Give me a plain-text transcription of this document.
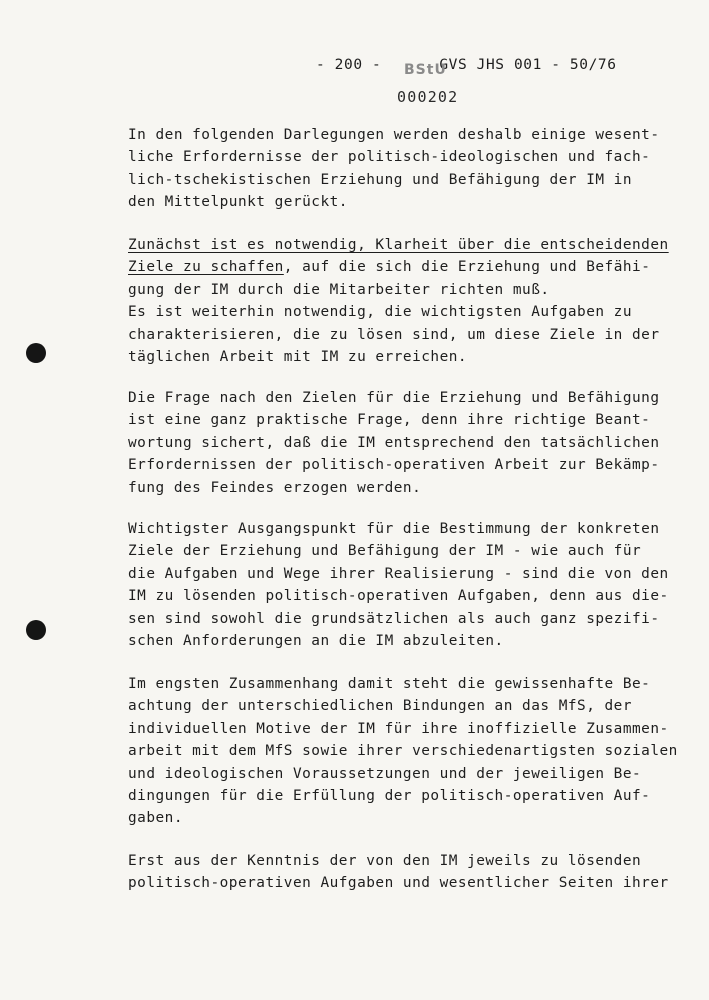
- 200 -	GVS JHS 001 - 50/76
BStU
000202
In den folgenden Darlegungen werden deshalb einige wesent-
liche Erfordernisse der politisch-ideologischen und fach-
lich-tschekistischen Erziehung und Befähigung der IM in
den Mittelpunkt gerückt.
Zunächst ist es notwendig, Klarheit über die entscheidenden
Ziele zu schaffen, auf die sich die Erziehung und Befähi-
gung der IM durch die Mitarbeiter richten muß.
Es ist weiterhin notwendig, die wichtigsten Aufgaben zu
charakterisieren, die zu lösen sind, um diese Ziele in der
täglichen Arbeit mit IM zu erreichen.
Die Frage nach den Zielen für die Erziehung und Befähigung
ist eine ganz praktische Frage, denn ihre richtige Beant-
wortung sichert, daß die IM entsprechend den tatsächlichen
Erfordernissen der politisch-operativen Arbeit zur Bekämp-
fung des Feindes erzogen werden.
Wichtigster Ausgangspunkt für die Bestimmung der konkreten
Ziele der Erziehung und Befähigung der IM - wie auch für
die Aufgaben und Wege ihrer Realisierung - sind die von den
IM zu lösenden politisch-operativen Aufgaben, denn aus die-
sen sind sowohl die grundsätzlichen als auch ganz spezifi-
schen Anforderungen an die IM abzuleiten.
Im engsten Zusammenhang damit steht die gewissenhafte Be-
achtung der unterschiedlichen Bindungen an das MfS, der
individuellen Motive der IM für ihre inoffizielle Zusammen-
arbeit mit dem MfS sowie ihrer verschiedenartigsten sozialen
und ideologischen Voraussetzungen und der jeweiligen Be-
dingungen für die Erfüllung der politisch-operativen Auf-
gaben.
Erst aus der Kenntnis der von den IM jeweils zu lösenden
politisch-operativen Aufgaben und wesentlicher Seiten ihrer
